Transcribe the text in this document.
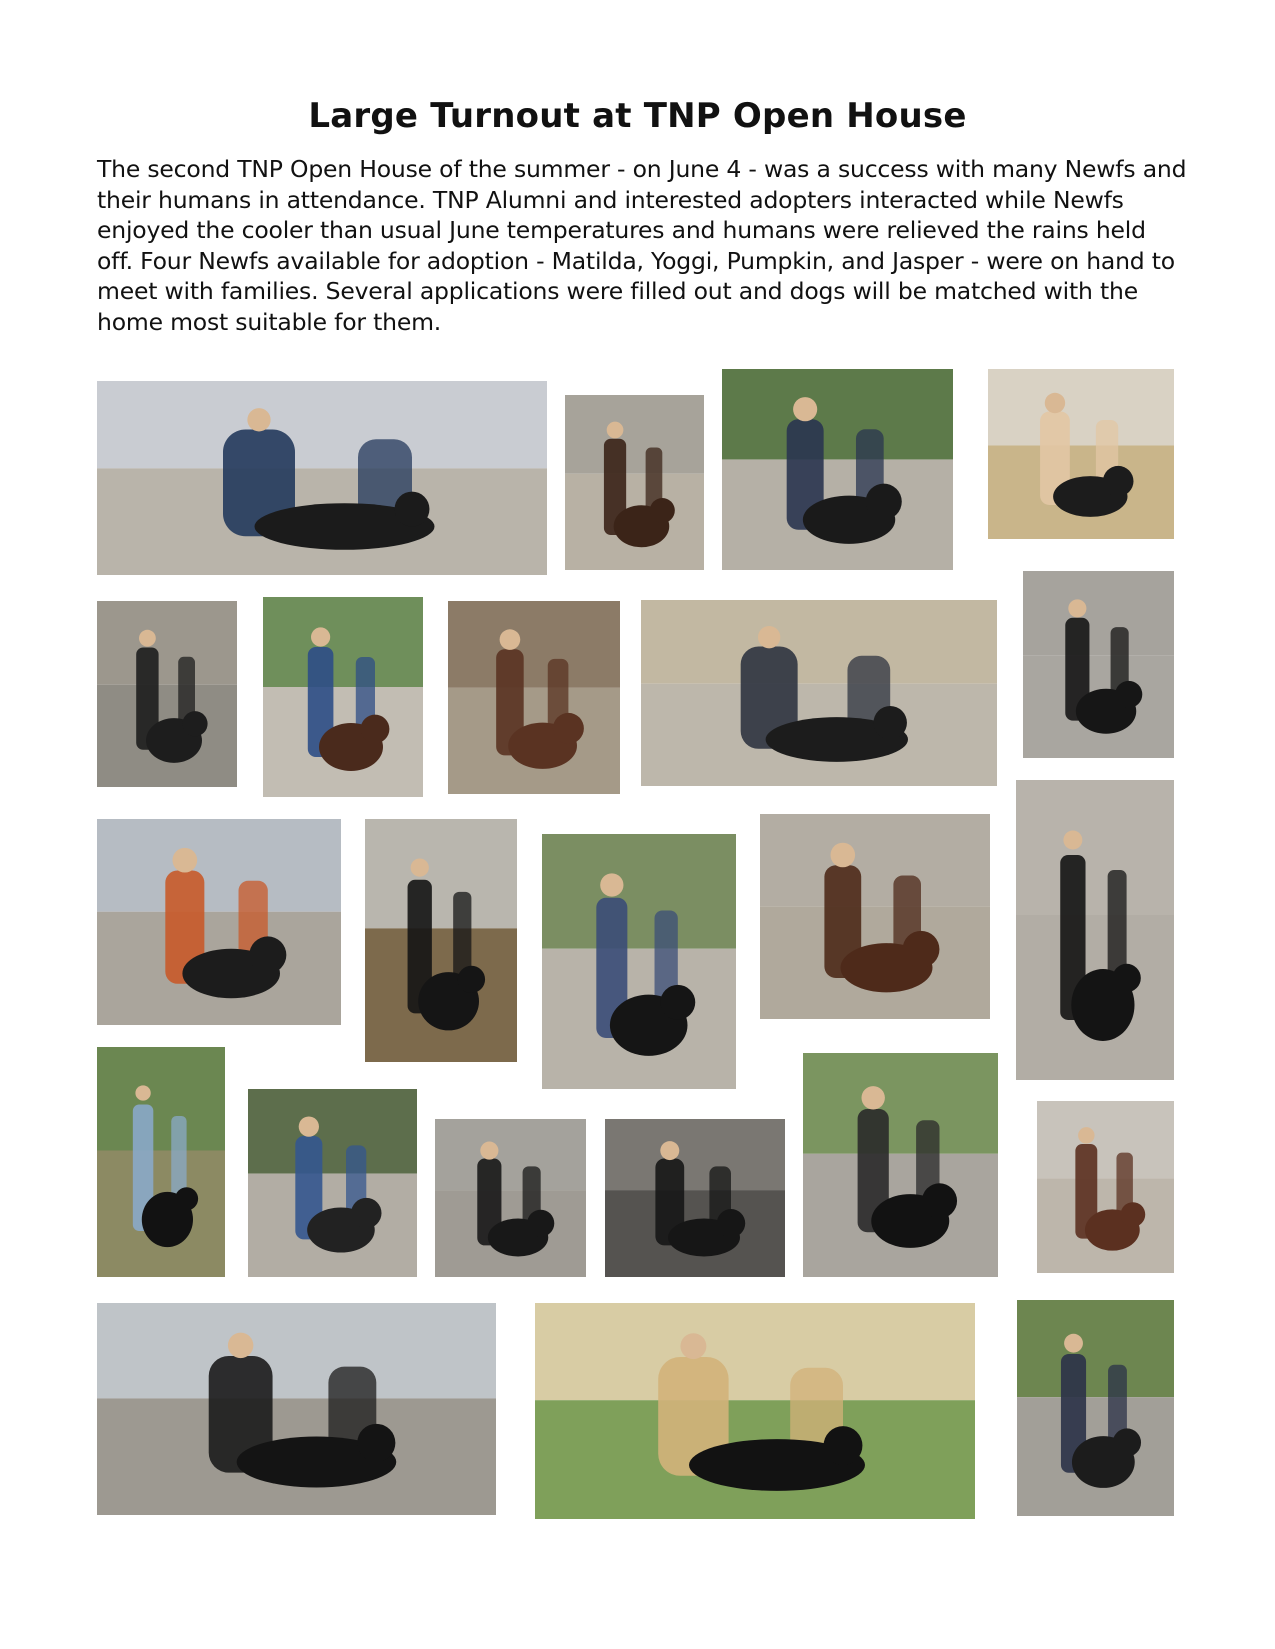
Large Turnout at TNP Open House

The second TNP Open House of the summer - on June 4 - was a success with many Newfs and their humans in attendance. TNP Alumni and interested adopters interacted while Newfs enjoyed the cooler than usual June temperatures and humans were relieved the rains held off. Four Newfs available for adoption - Matilda, Yoggi, Pumpkin, and Jasper - were on hand to meet with families. Several applications were filled out and dogs will be matched with the home most suitable for them.
